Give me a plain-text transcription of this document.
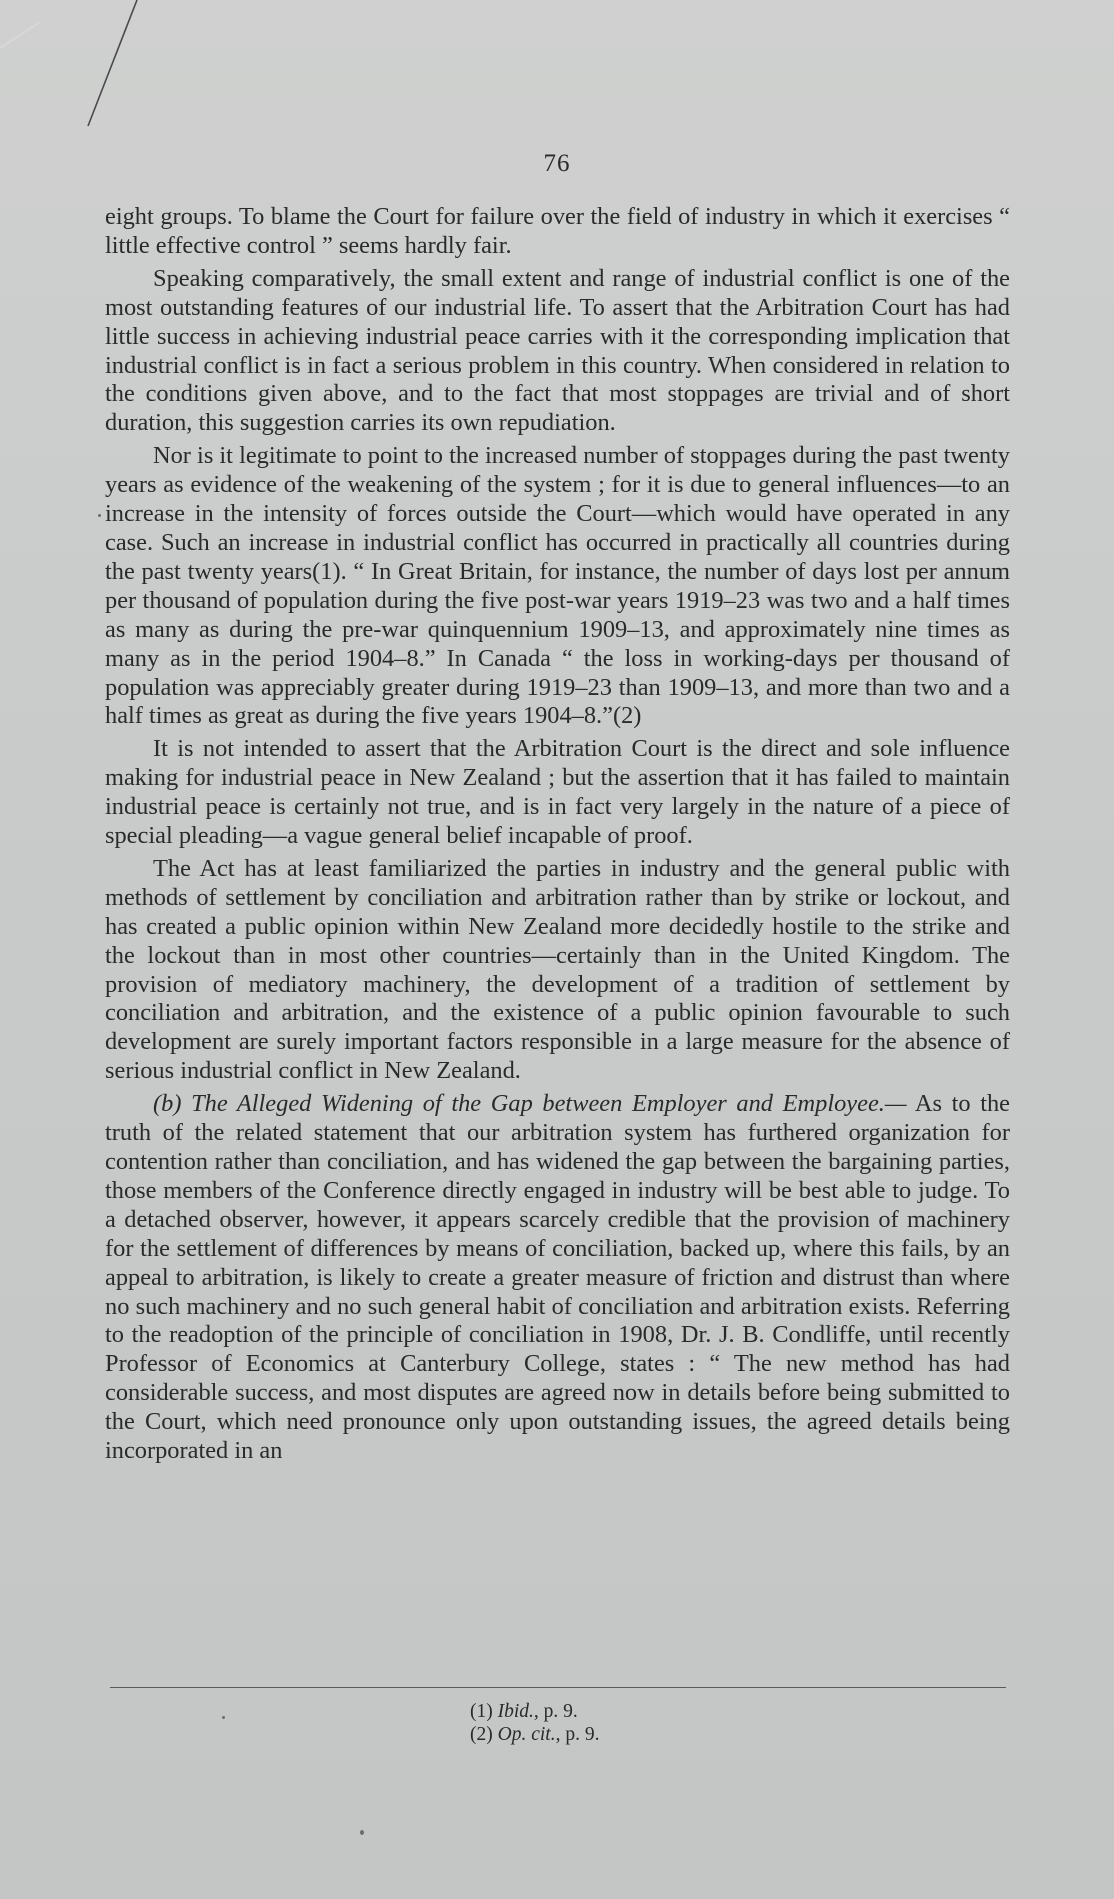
76

eight groups. To blame the Court for failure over the field of industry in which it exercises “ little effective control ” seems hardly fair.

Speaking comparatively, the small extent and range of industrial conflict is one of the most outstanding features of our industrial life. To assert that the Arbitration Court has had little success in achieving industrial peace carries with it the corresponding implication that industrial conflict is in fact a serious problem in this country. When considered in relation to the conditions given above, and to the fact that most stoppages are trivial and of short duration, this suggestion carries its own repudiation.

Nor is it legitimate to point to the increased number of stoppages during the past twenty years as evidence of the weakening of the system ; for it is due to general influences—to an increase in the intensity of forces outside the Court—which would have operated in any case. Such an increase in industrial conflict has occurred in practically all countries during the past twenty years(1). “ In Great Britain, for instance, the number of days lost per annum per thousand of population during the five post-war years 1919–23 was two and a half times as many as during the pre-war quinquennium 1909–13, and approximately nine times as many as in the period 1904–8.” In Canada “ the loss in working-days per thousand of population was appreciably greater during 1919–23 than 1909–13, and more than two and a half times as great as during the five years 1904–8.”(2)

It is not intended to assert that the Arbitration Court is the direct and sole influence making for industrial peace in New Zealand ; but the assertion that it has failed to maintain industrial peace is certainly not true, and is in fact very largely in the nature of a piece of special pleading—a vague general belief incapable of proof.

The Act has at least familiarized the parties in industry and the general public with methods of settlement by conciliation and arbitration rather than by strike or lockout, and has created a public opinion within New Zealand more decidedly hostile to the strike and the lockout than in most other countries—certainly than in the United Kingdom. The provision of mediatory machinery, the development of a tradition of settlement by conciliation and arbitration, and the existence of a public opinion favourable to such development are surely important factors responsible in a large measure for the absence of serious industrial conflict in New Zealand.

(b) The Alleged Widening of the Gap between Employer and Employee.— As to the truth of the related statement that our arbitration system has furthered organization for contention rather than conciliation, and has widened the gap between the bargaining parties, those members of the Conference directly engaged in industry will be best able to judge. To a detached observer, however, it appears scarcely credible that the provision of machinery for the settlement of differences by means of conciliation, backed up, where this fails, by an appeal to arbitration, is likely to create a greater measure of friction and distrust than where no such machinery and no such general habit of conciliation and arbitration exists. Referring to the readoption of the principle of conciliation in 1908, Dr. J. B. Condliffe, until recently Professor of Economics at Canterbury College, states : “ The new method has had considerable success, and most disputes are agreed now in details before being submitted to the Court, which need pronounce only upon outstanding issues, the agreed details being incorporated in an

(1) Ibid., p. 9.
(2) Op. cit., p. 9.
